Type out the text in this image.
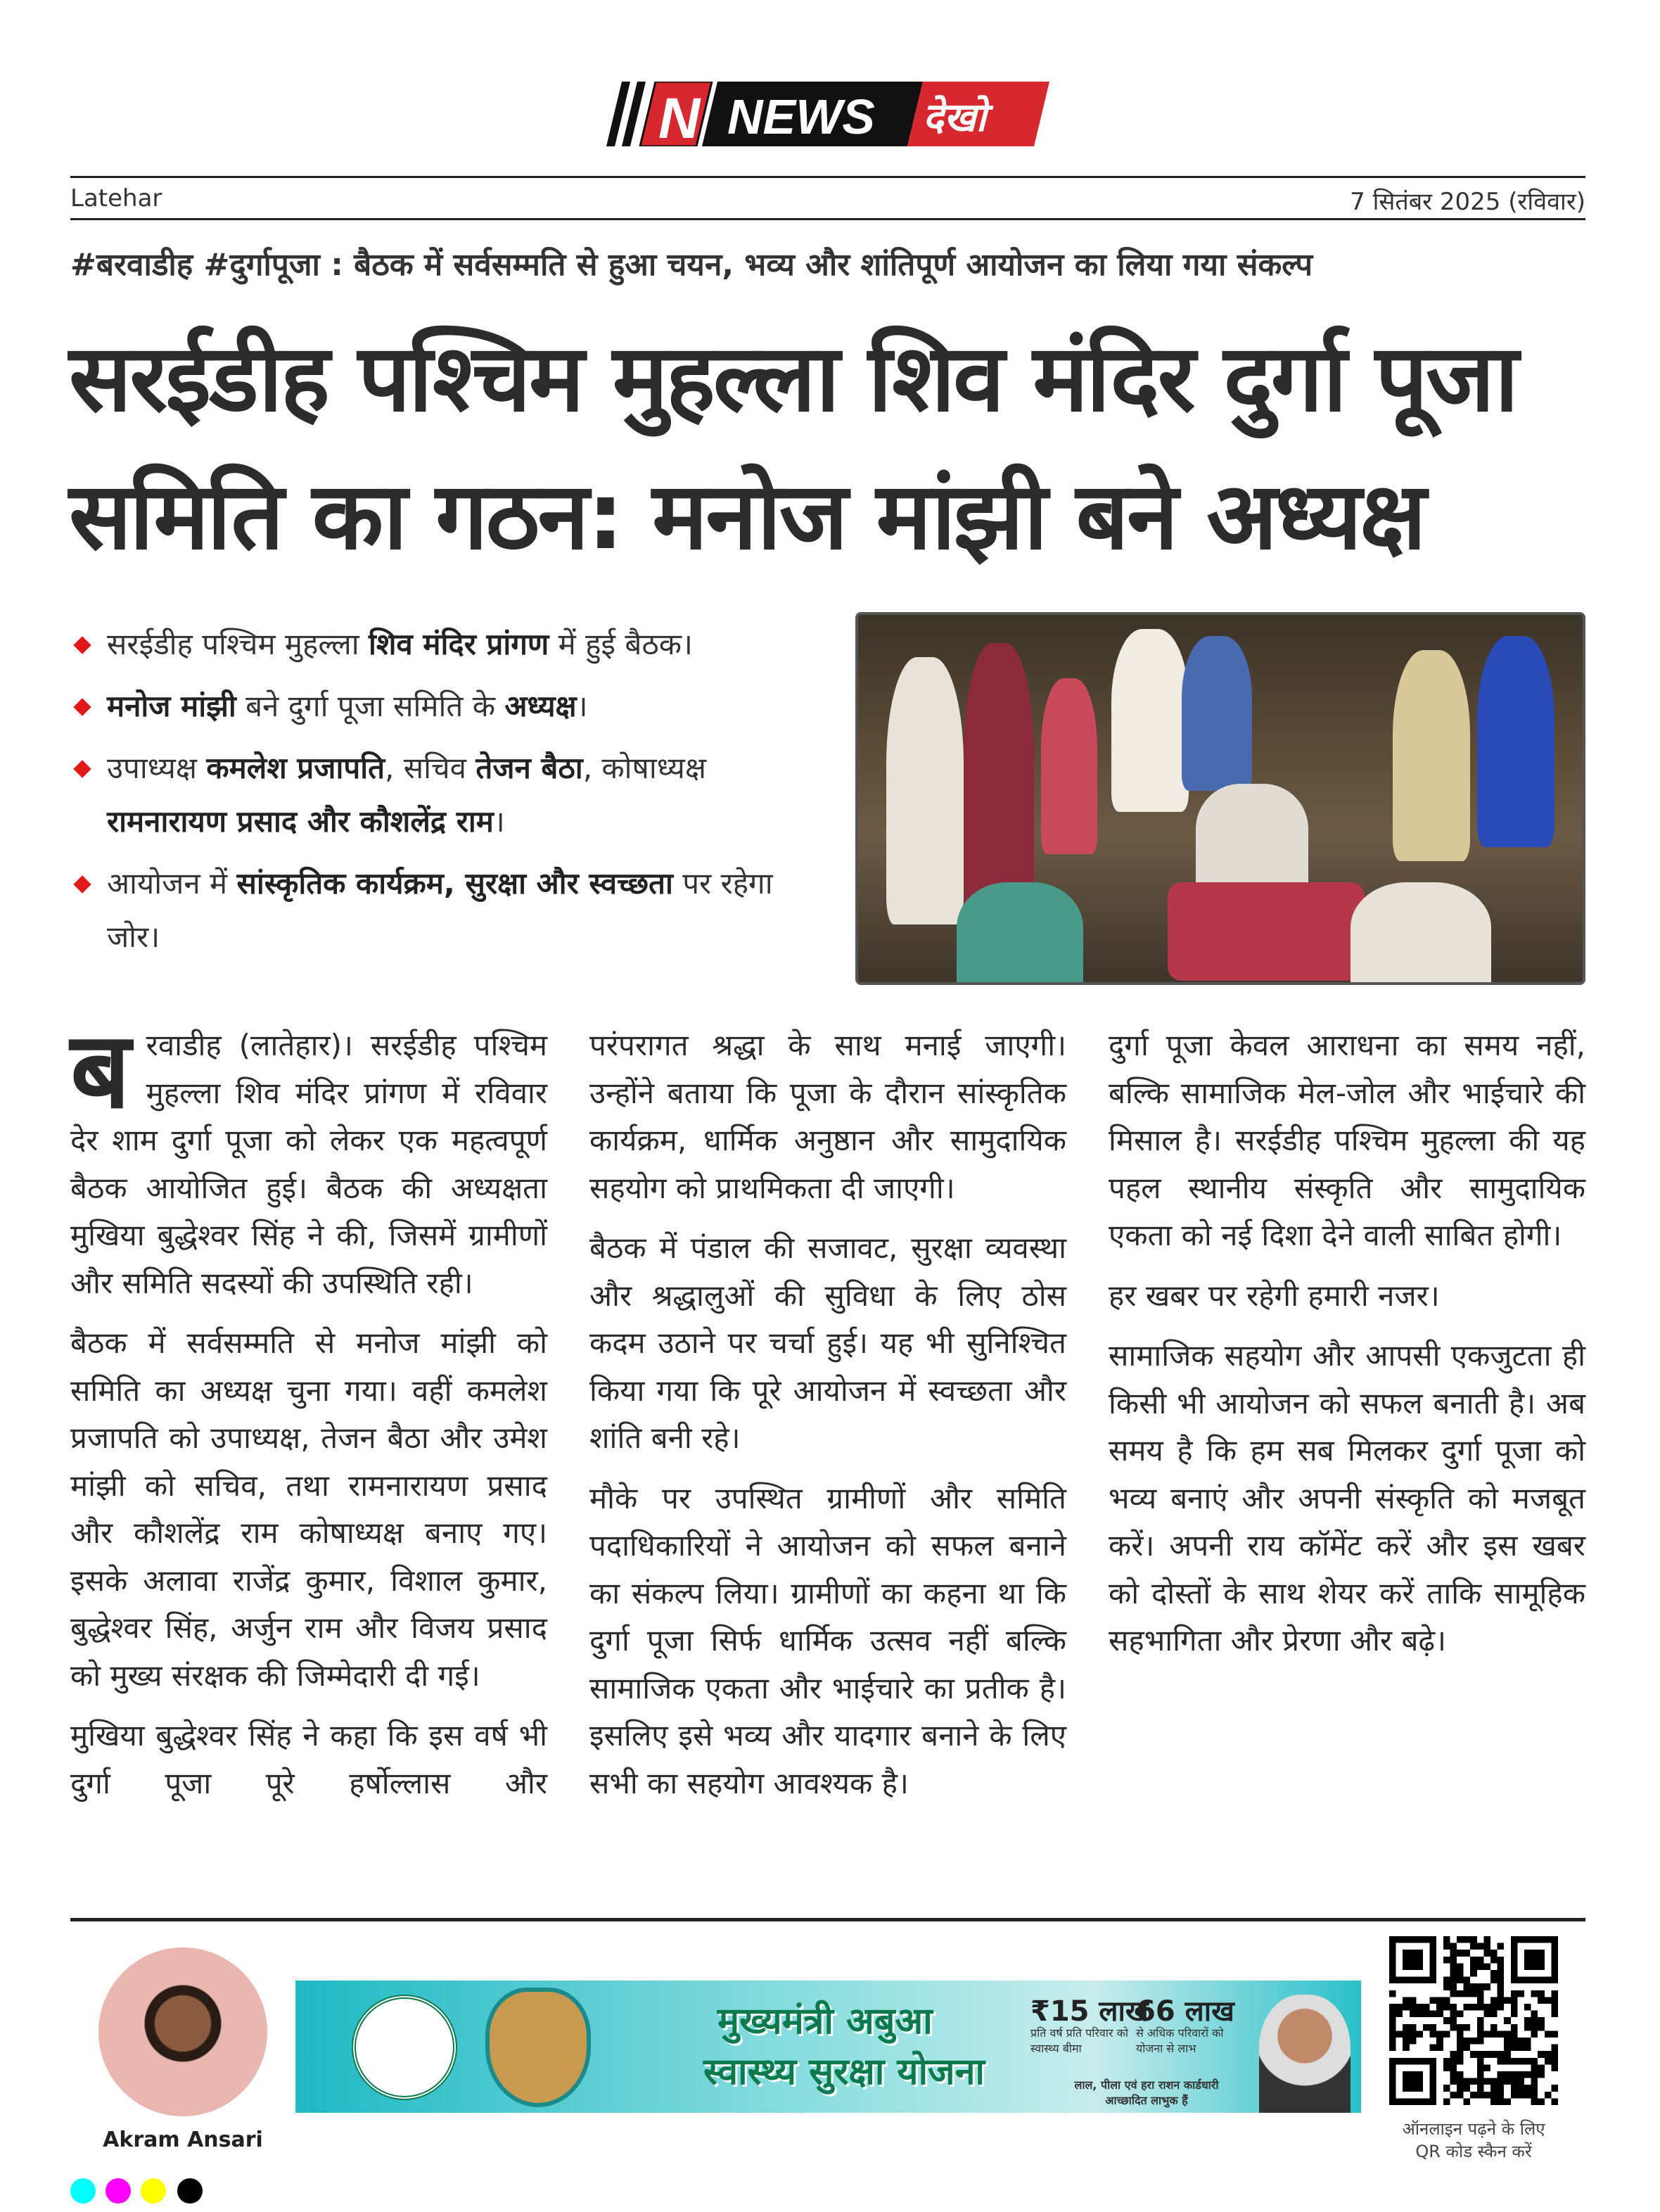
N NEWS देखो
Latehar	7 सितंबर 2025 (रविवार)
#बरवाडीह #दुर्गापूजा : बैठक में सर्वसम्मति से हुआ चयन, भव्य और शांतिपूर्ण आयोजन का लिया गया संकल्प
सरईडीह पश्चिम मुहल्ला शिव मंदिर दुर्गा पूजा
समिति का गठन: मनोज मांझी बने अध्यक्ष
सरईडीह पश्चिम मुहल्ला शिव मंदिर प्रांगण में हुई बैठक।
मनोज मांझी बने दुर्गा पूजा समिति के अध्यक्ष।
उपाध्यक्ष कमलेश प्रजापति, सचिव तेजन बैठा, कोषाध्यक्ष रामनारायण प्रसाद और कौशलेंद्र राम।
आयोजन में सांस्कृतिक कार्यक्रम, सुरक्षा और स्वच्छता पर रहेगा जोर।

बरवाडीह (लातेहार)। सरईडीह पश्चिम मुहल्ला शिव मंदिर प्रांगण में रविवार देर शाम दुर्गा पूजा को लेकर एक महत्वपूर्ण बैठक आयोजित हुई। बैठक की अध्यक्षता मुखिया बुद्धेश्वर सिंह ने की, जिसमें ग्रामीणों और समिति सदस्यों की उपस्थिति रही।

बैठक में सर्वसम्मति से मनोज मांझी को समिति का अध्यक्ष चुना गया। वहीं कमलेश प्रजापति को उपाध्यक्ष, तेजन बैठा और उमेश मांझी को सचिव, तथा रामनारायण प्रसाद और कौशलेंद्र राम कोषाध्यक्ष बनाए गए। इसके अलावा राजेंद्र कुमार, विशाल कुमार, बुद्धेश्वर सिंह, अर्जुन राम और विजय प्रसाद को मुख्य संरक्षक की जिम्मेदारी दी गई।

मुखिया बुद्धेश्वर सिंह ने कहा कि इस वर्ष भी दुर्गा पूजा पूरे हर्षोल्लास और

परंपरागत श्रद्धा के साथ मनाई जाएगी। उन्होंने बताया कि पूजा के दौरान सांस्कृतिक कार्यक्रम, धार्मिक अनुष्ठान और सामुदायिक सहयोग को प्राथमिकता दी जाएगी।

बैठक में पंडाल की सजावट, सुरक्षा व्यवस्था और श्रद्धालुओं की सुविधा के लिए ठोस कदम उठाने पर चर्चा हुई। यह भी सुनिश्चित किया गया कि पूरे आयोजन में स्वच्छता और शांति बनी रहे।

मौके पर उपस्थित ग्रामीणों और समिति पदाधिकारियों ने आयोजन को सफल बनाने का संकल्प लिया। ग्रामीणों का कहना था कि दुर्गा पूजा सिर्फ धार्मिक उत्सव नहीं बल्कि सामाजिक एकता और भाईचारे का प्रतीक है। इसलिए इसे भव्य और यादगार बनाने के लिए सभी का सहयोग आवश्यक है।

दुर्गा पूजा केवल आराधना का समय नहीं, बल्कि सामाजिक मेल-जोल और भाईचारे की मिसाल है। सरईडीह पश्चिम मुहल्ला की यह पहल स्थानीय संस्कृति और सामुदायिक एकता को नई दिशा देने वाली साबित होगी।

हर खबर पर रहेगी हमारी नजर।

सामाजिक सहयोग और आपसी एकजुटता ही किसी भी आयोजन को सफल बनाती है। अब समय है कि हम सब मिलकर दुर्गा पूजा को भव्य बनाएं और अपनी संस्कृति को मजबूत करें। अपनी राय कॉमेंट करें और इस खबर को दोस्तों के साथ शेयर करें ताकि सामूहिक सहभागिता और प्रेरणा और बढ़े।

Akram Ansari
मुख्यमंत्री अबुआ
स्वास्थ्य सुरक्षा योजना
₹15 लाख
प्रति वर्ष प्रति परिवार को स्वास्थ्य बीमा
66 लाख
से अधिक परिवारों को योजना से लाभ
लाल, पीला एवं हरा राशन कार्डधारी आच्छादित लाभुक हैं
ऑनलाइन पढ़ने के लिए
QR कोड स्कैन करें
